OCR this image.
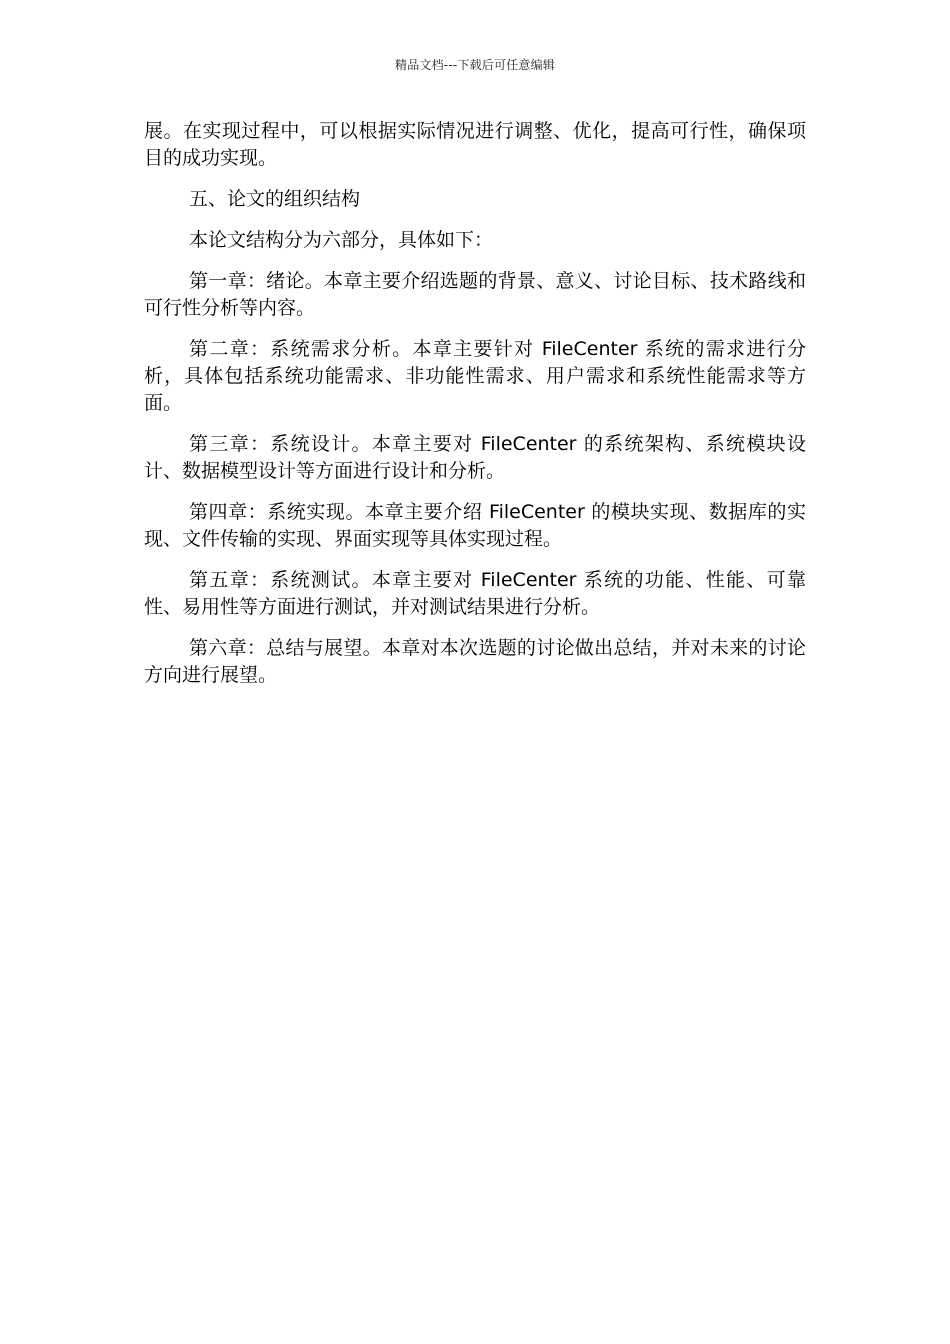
精品文档---下载后可任意编辑

展。在实现过程中，可以根据实际情况进行调整、优化，提高可行性，确保项目的成功实现。

五、论文的组织结构

本论文结构分为六部分，具体如下：

第一章：绪论。本章主要介绍选题的背景、意义、讨论目标、技术路线和可行性分析等内容。

第二章：系统需求分析。本章主要针对 FileCenter 系统的需求进行分析，具体包括系统功能需求、非功能性需求、用户需求和系统性能需求等方面。

第三章：系统设计。本章主要对 FileCenter 的系统架构、系统模块设计、数据模型设计等方面进行设计和分析。

第四章：系统实现。本章主要介绍 FileCenter 的模块实现、数据库的实现、文件传输的实现、界面实现等具体实现过程。

第五章：系统测试。本章主要对 FileCenter 系统的功能、性能、可靠性、易用性等方面进行测试，并对测试结果进行分析。

第六章：总结与展望。本章对本次选题的讨论做出总结，并对未来的讨论方向进行展望。
